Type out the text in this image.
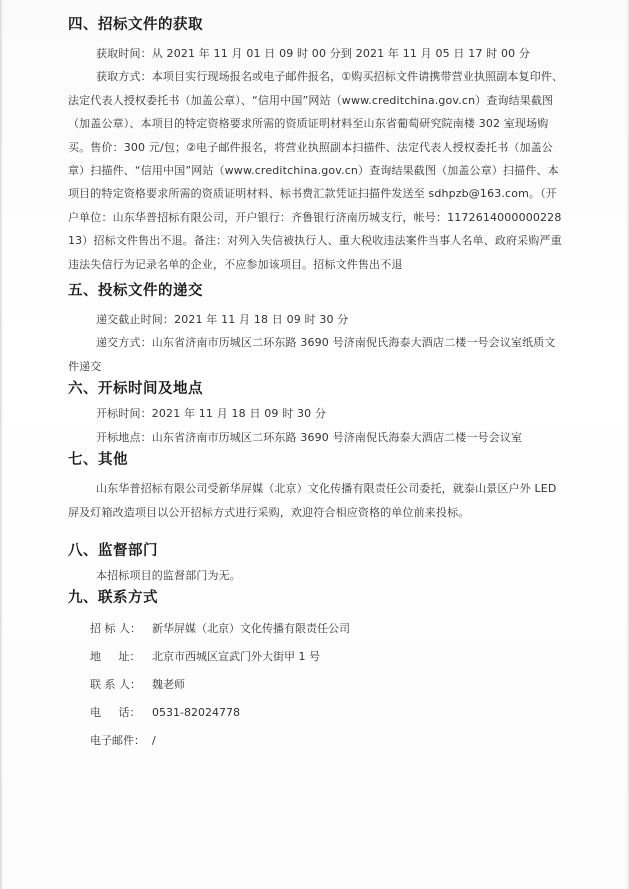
四、招标文件的获取

获取时间：从 2021 年 11 月 01 日 09 时 00 分到 2021 年 11 月 05 日 17 时 00 分

获取方式：本项目实行现场报名或电子邮件报名，①购买招标文件请携带营业执照副本复印件、法定代表人授权委托书（加盖公章）、“信用中国”网站（www.creditchina.gov.cn）查询结果截图（加盖公章）、本项目的特定资格要求所需的资质证明材料至山东省葡萄研究院南楼 302 室现场购买。售价：300 元/包；②电子邮件报名，将营业执照副本扫描件、法定代表人授权委托书（加盖公章）扫描件、“信用中国”网站（www.creditchina.gov.cn）查询结果截图（加盖公章）扫描件、本项目的特定资格要求所需的资质证明材料、标书费汇款凭证扫描件发送至 sdhpzb@163.com。（开户单位：山东华普招标有限公司，开户银行：齐鲁银行济南历城支行，帐号：117261400000022813）招标文件售出不退。备注：对列入失信被执行人、重大税收违法案件当事人名单、政府采购严重违法失信行为记录名单的企业，不应参加该项目。招标文件售出不退

五、投标文件的递交

递交截止时间：2021 年 11 月 18 日 09 时 30 分

递交方式：山东省济南市历城区二环东路 3690 号济南倪氏海泰大酒店二楼一号会议室纸质文件递交

六、开标时间及地点

开标时间：2021 年 11 月 18 日 09 时 30 分

开标地点：山东省济南市历城区二环东路 3690 号济南倪氏海泰大酒店二楼一号会议室

七、其他

山东华普招标有限公司受新华屏媒（北京）文化传播有限责任公司委托，就泰山景区户外 LED 屏及灯箱改造项目以公开招标方式进行采购，欢迎符合相应资格的单位前来投标。

八、监督部门

本招标项目的监督部门为无。

九、联系方式
招 标 人：	新华屏媒（北京）文化传播有限责任公司
地     址：	北京市西城区宣武门外大街甲 1 号
联 系 人：	魏老师
电     话：	0531-82024778
电子邮件： /
